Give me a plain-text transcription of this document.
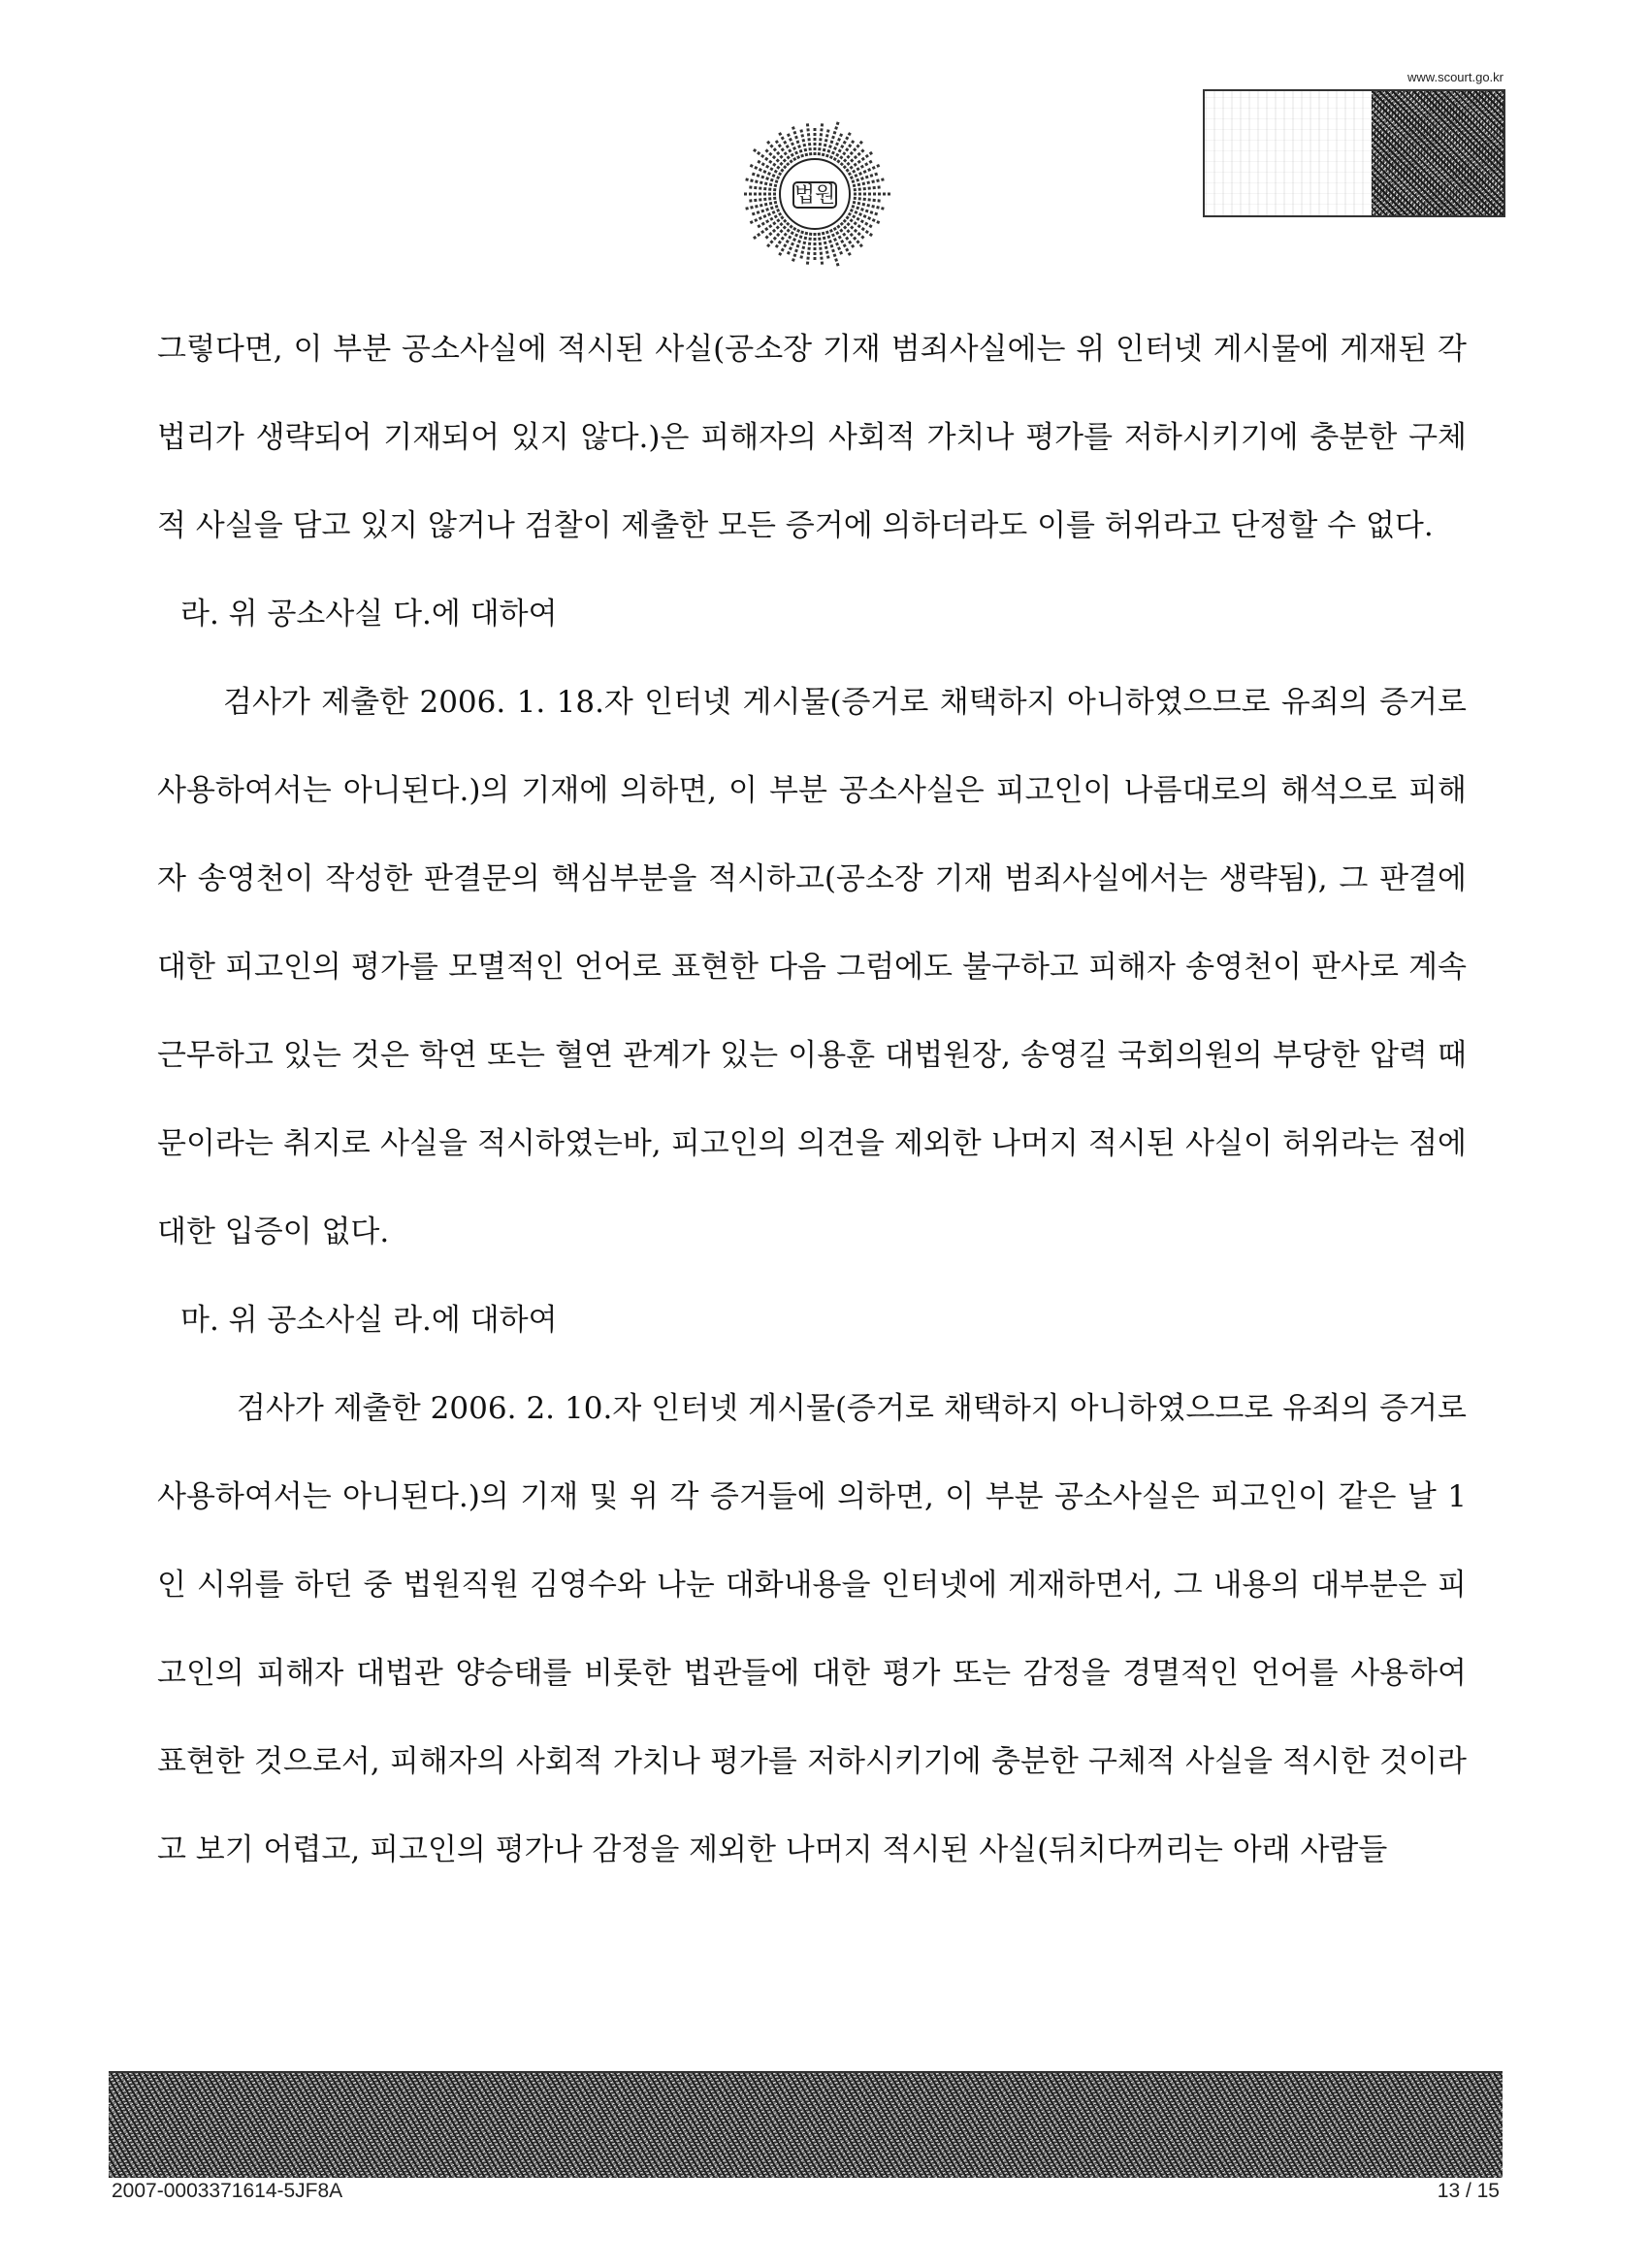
법원
www.scourt.go.kr

그렇다면, 이 부분 공소사실에 적시된 사실(공소장 기재 범죄사실에는 위 인터넷 게시물에 게재된 각 법리가 생략되어 기재되어 있지 않다.)은 피해자의 사회적 가치나 평가를 저하시키기에 충분한 구체적 사실을 담고 있지 않거나 검찰이 제출한 모든 증거에 의하더라도 이를 허위라고 단정할 수 없다.

라. 위 공소사실 다.에 대하여

검사가 제출한 2006. 1. 18.자 인터넷 게시물(증거로 채택하지 아니하였으므로 유죄의 증거로 사용하여서는 아니된다.)의 기재에 의하면, 이 부분 공소사실은 피고인이 나름대로의 해석으로 피해자 송영천이 작성한 판결문의 핵심부분을 적시하고(공소장 기재 범죄사실에서는 생략됨), 그 판결에 대한 피고인의 평가를 모멸적인 언어로 표현한 다음 그럼에도 불구하고 피해자 송영천이 판사로 계속 근무하고 있는 것은 학연 또는 혈연 관계가 있는 이용훈 대법원장, 송영길 국회의원의 부당한 압력 때문이라는 취지로 사실을 적시하였는바, 피고인의 의견을 제외한 나머지 적시된 사실이 허위라는 점에 대한 입증이 없다.

마. 위 공소사실 라.에 대하여

검사가 제출한 2006. 2. 10.자 인터넷 게시물(증거로 채택하지 아니하였으므로 유죄의 증거로 사용하여서는 아니된다.)의 기재 및 위 각 증거들에 의하면, 이 부분 공소사실은 피고인이 같은 날 1인 시위를 하던 중 법원직원 김영수와 나눈 대화내용을 인터넷에 게재하면서, 그 내용의 대부분은 피고인의 피해자 대법관 양승태를 비롯한 법관들에 대한 평가 또는 감정을 경멸적인 언어를 사용하여 표현한 것으로서, 피해자의 사회적 가치나 평가를 저하시키기에 충분한 구체적 사실을 적시한 것이라고 보기 어렵고, 피고인의 평가나 감정을 제외한 나머지 적시된 사실(뒤치다꺼리는 아래 사람들

2007-0003371614-5JF8A	13 / 15
